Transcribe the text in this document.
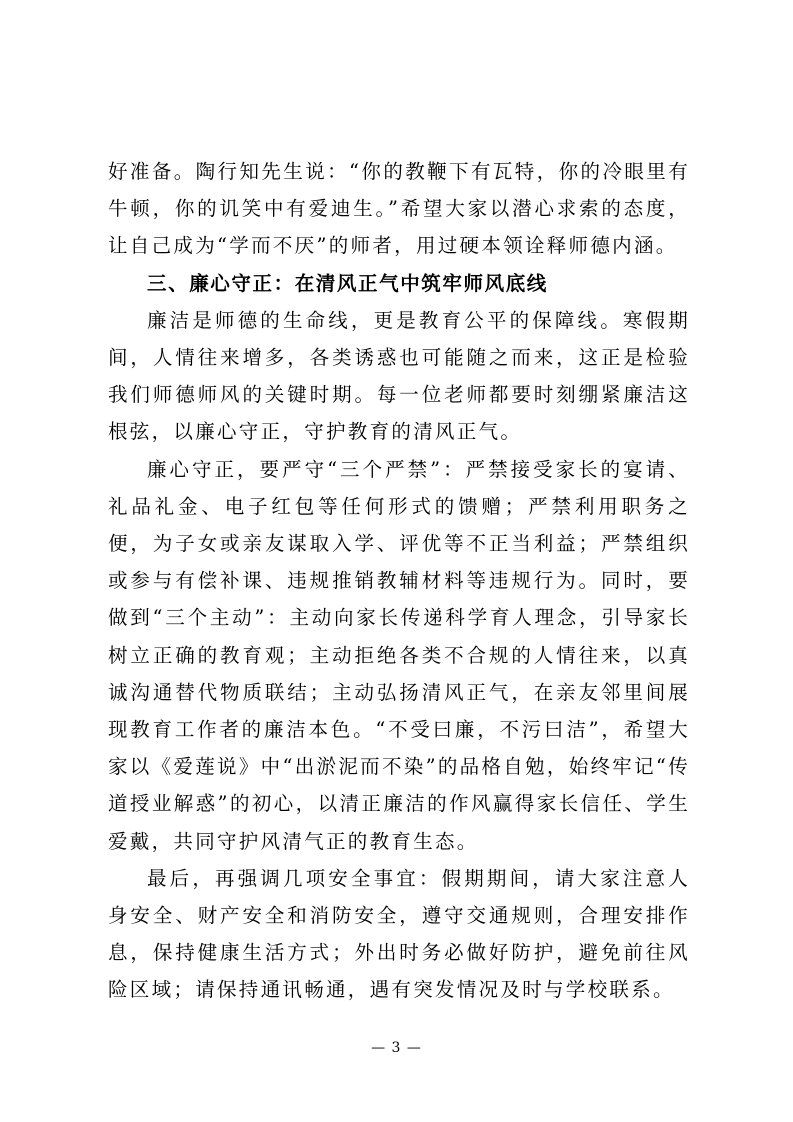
好准备。陶行知先生说：“你的教鞭下有瓦特，你的冷眼里有牛顿，你的讥笑中有爱迪生。”希望大家以潜心求索的态度，让自己成为“学而不厌”的师者，用过硬本领诠释师德内涵。

三、廉心守正：在清风正气中筑牢师风底线

廉洁是师德的生命线，更是教育公平的保障线。寒假期间，人情往来增多，各类诱惑也可能随之而来，这正是检验我们师德师风的关键时期。每一位老师都要时刻绷紧廉洁这根弦，以廉心守正，守护教育的清风正气。

廉心守正，要严守“三个严禁”：严禁接受家长的宴请、礼品礼金、电子红包等任何形式的馈赠；严禁利用职务之便，为子女或亲友谋取入学、评优等不正当利益；严禁组织或参与有偿补课、违规推销教辅材料等违规行为。同时，要做到“三个主动”：主动向家长传递科学育人理念，引导家长树立正确的教育观；主动拒绝各类不合规的人情往来，以真诚沟通替代物质联结；主动弘扬清风正气，在亲友邻里间展现教育工作者的廉洁本色。“不受曰廉，不污曰洁”，希望大家以《爱莲说》中“出淤泥而不染”的品格自勉，始终牢记“传道授业解惑”的初心，以清正廉洁的作风赢得家长信任、学生爱戴，共同守护风清气正的教育生态。

最后，再强调几项安全事宜：假期期间，请大家注意人身安全、财产安全和消防安全，遵守交通规则，合理安排作息，保持健康生活方式；外出时务必做好防护，避免前往风险区域；请保持通讯畅通，遇有突发情况及时与学校联系。

— 3 —
